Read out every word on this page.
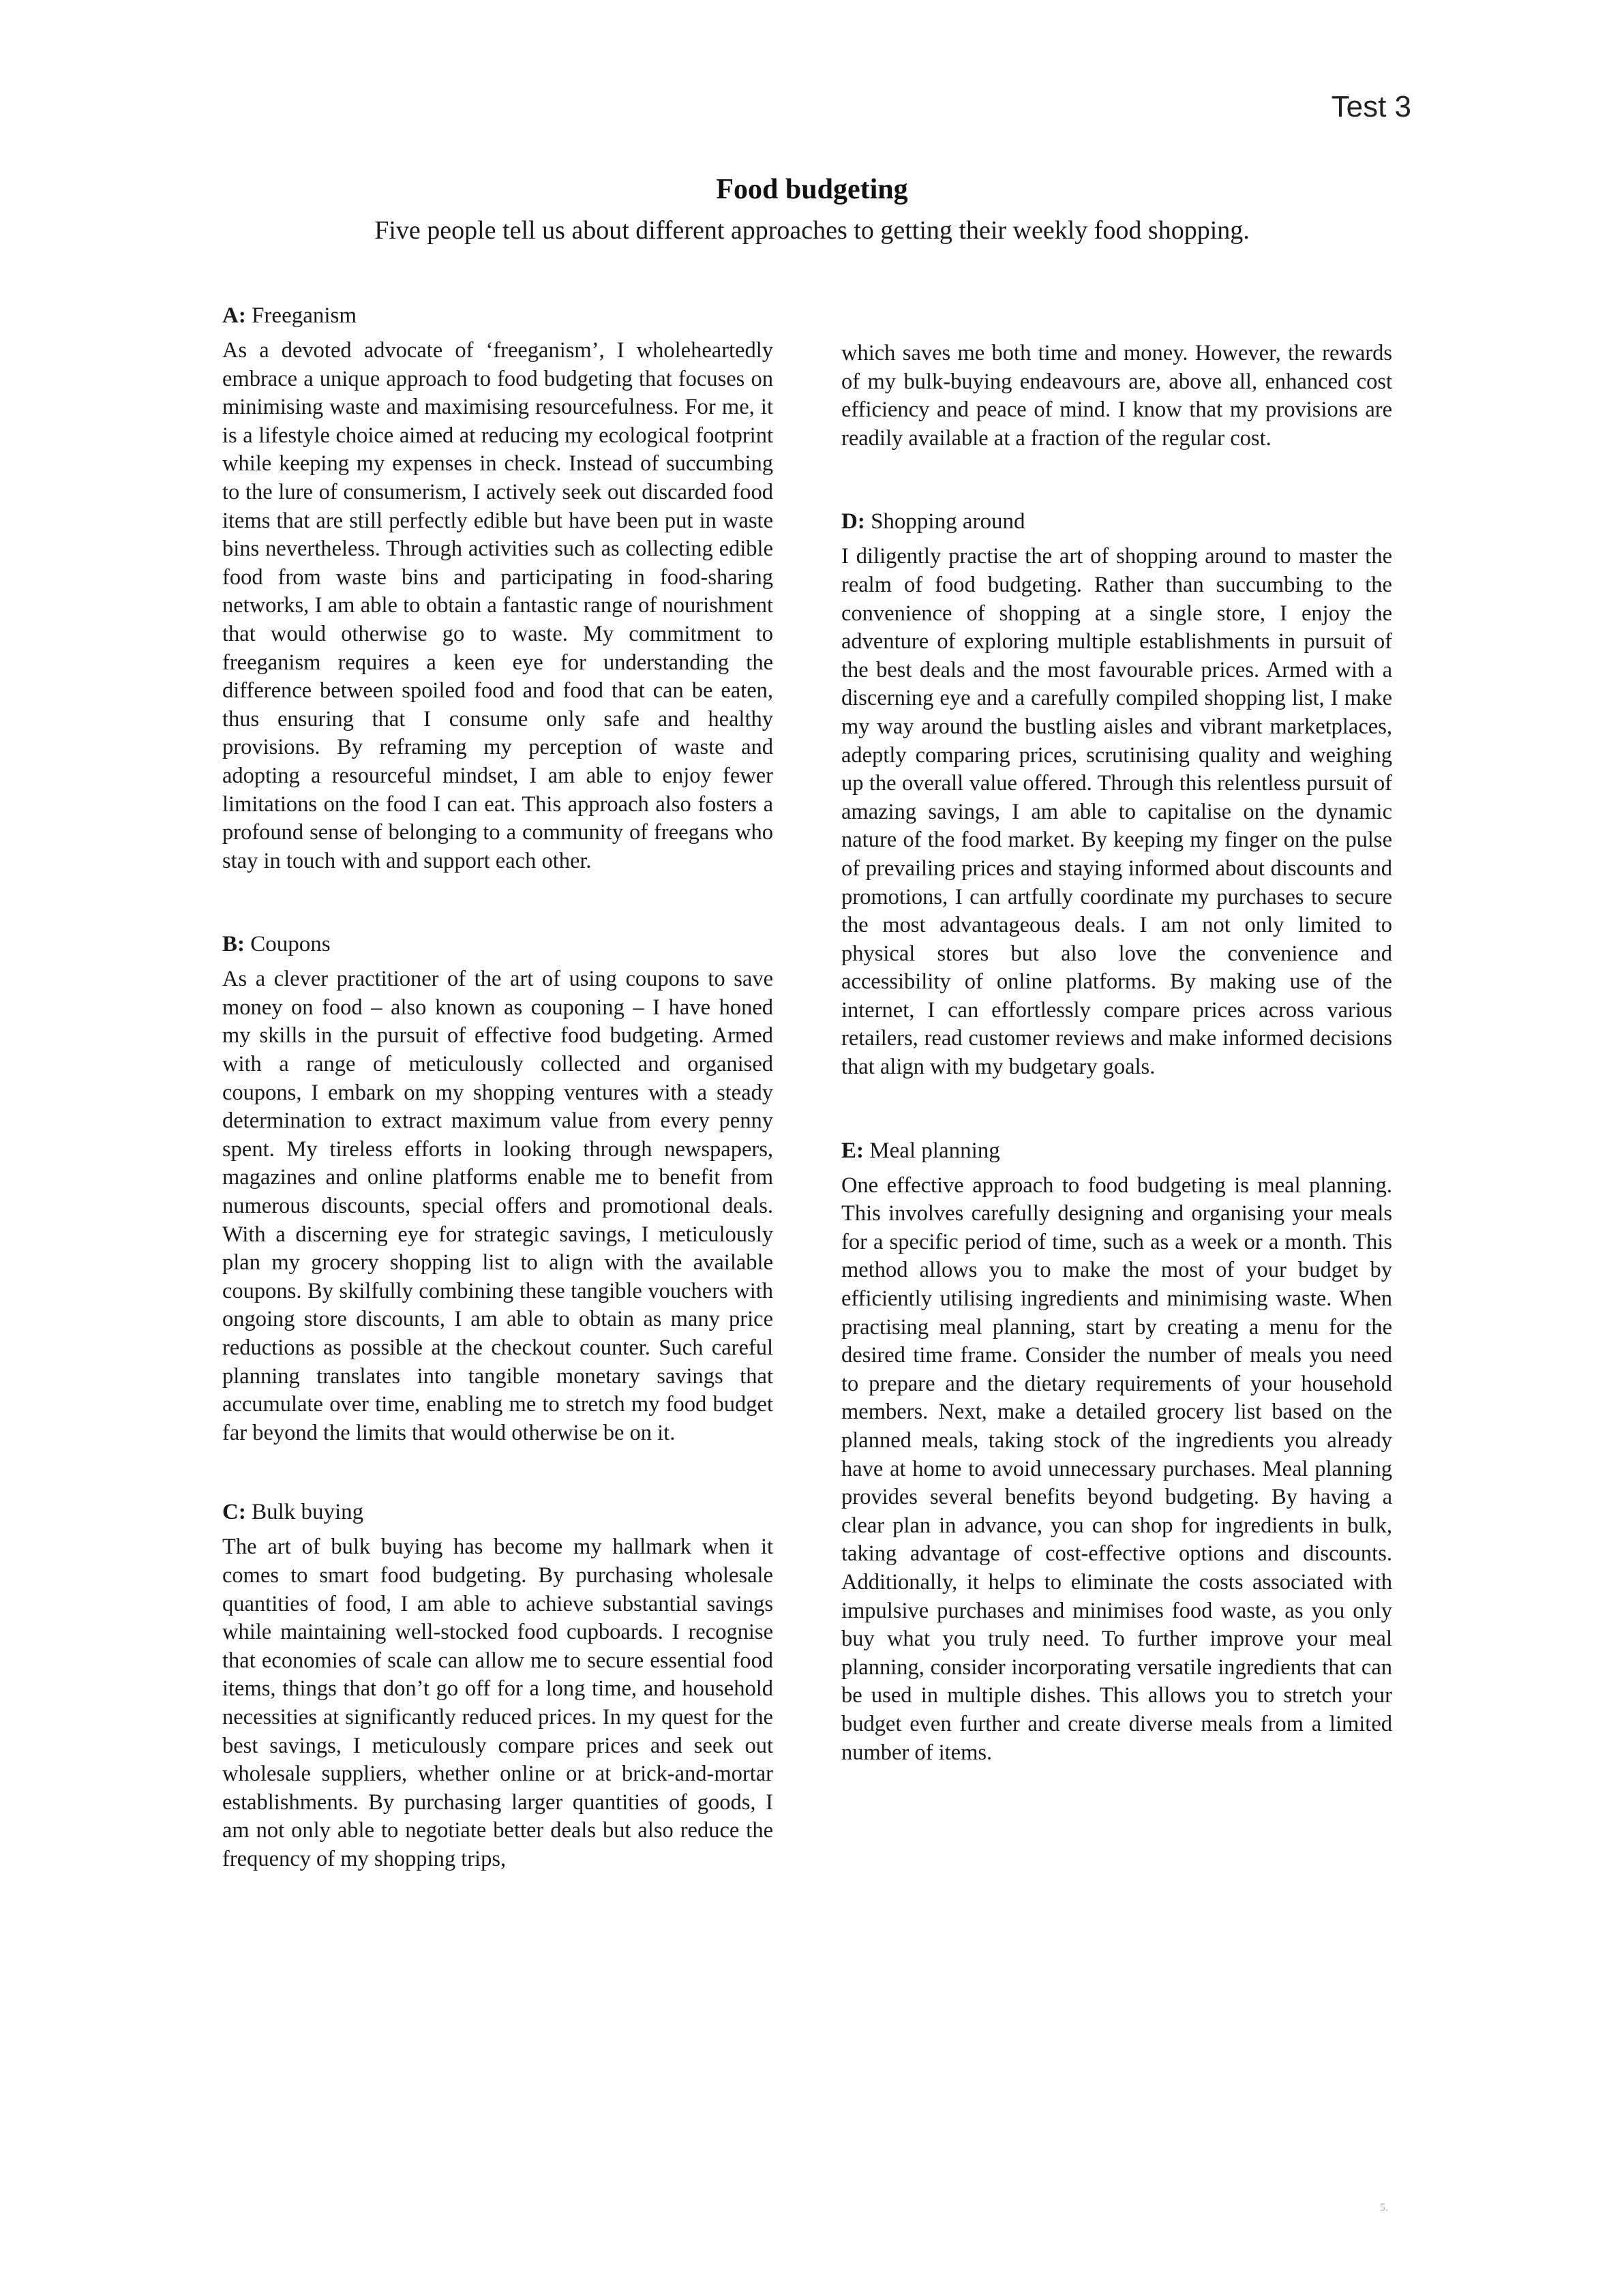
Test 3

Food budgeting

Five people tell us about different approaches to getting their weekly food shopping.

A: Freeganism

As a devoted advocate of ‘freeganism’, I wholeheartedly embrace a unique approach to food budgeting that focuses on minimising waste and maximising resourcefulness. For me, it is a lifestyle choice aimed at reducing my ecological footprint while keeping my expenses in check. Instead of succumbing to the lure of consumerism, I actively seek out discarded food items that are still perfectly edible but have been put in waste bins nevertheless. Through activities such as collecting edible food from waste bins and participating in food-sharing networks, I am able to obtain a fantastic range of nourishment that would otherwise go to waste. My commitment to freeganism requires a keen eye for understanding the difference between spoiled food and food that can be eaten, thus ensuring that I consume only safe and healthy provisions. By reframing my perception of waste and adopting a resourceful mindset, I am able to enjoy fewer limitations on the food I can eat. This approach also fosters a profound sense of belonging to a community of freegans who stay in touch with and support each other.

B: Coupons

As a clever practitioner of the art of using coupons to save money on food – also known as couponing – I have honed my skills in the pursuit of effective food budgeting. Armed with a range of meticulously collected and organised coupons, I embark on my shopping ventures with a steady determination to extract maximum value from every penny spent. My tireless efforts in looking through newspapers, magazines and online platforms enable me to benefit from numerous discounts, special offers and promotional deals. With a discerning eye for strategic savings, I meticulously plan my grocery shopping list to align with the available coupons. By skilfully combining these tangible vouchers with ongoing store discounts, I am able to obtain as many price reductions as possible at the checkout counter. Such careful planning translates into tangible monetary savings that accumulate over time, enabling me to stretch my food budget far beyond the limits that would otherwise be on it.

C: Bulk buying

The art of bulk buying has become my hallmark when it comes to smart food budgeting. By purchasing wholesale quantities of food, I am able to achieve substantial savings while maintaining well-stocked food cupboards. I recognise that economies of scale can allow me to secure essential food items, things that don’t go off for a long time, and household necessities at significantly reduced prices. In my quest for the best savings, I meticulously compare prices and seek out wholesale suppliers, whether online or at brick-and-mortar establishments. By purchasing larger quantities of goods, I am not only able to negotiate better deals but also reduce the frequency of my shopping trips,

which saves me both time and money. However, the rewards of my bulk-buying endeavours are, above all, enhanced cost efficiency and peace of mind. I know that my provisions are readily available at a fraction of the regular cost.

D: Shopping around

I diligently practise the art of shopping around to master the realm of food budgeting. Rather than succumbing to the convenience of shopping at a single store, I enjoy the adventure of exploring multiple establishments in pursuit of the best deals and the most favourable prices. Armed with a discerning eye and a carefully compiled shopping list, I make my way around the bustling aisles and vibrant marketplaces, adeptly comparing prices, scrutinising quality and weighing up the overall value offered. Through this relentless pursuit of amazing savings, I am able to capitalise on the dynamic nature of the food market. By keeping my finger on the pulse of prevailing prices and staying informed about discounts and promotions, I can artfully coordinate my purchases to secure the most advantageous deals. I am not only limited to physical stores but also love the convenience and accessibility of online platforms. By making use of the internet, I can effortlessly compare prices across various retailers, read customer reviews and make informed decisions that align with my budgetary goals.

E: Meal planning

One effective approach to food budgeting is meal planning. This involves carefully designing and organising your meals for a specific period of time, such as a week or a month. This method allows you to make the most of your budget by efficiently utilising ingredients and minimising waste. When practising meal planning, start by creating a menu for the desired time frame. Consider the number of meals you need to prepare and the dietary requirements of your household members. Next, make a detailed grocery list based on the planned meals, taking stock of the ingredients you already have at home to avoid unnecessary purchases. Meal planning provides several benefits beyond budgeting. By having a clear plan in advance, you can shop for ingredients in bulk, taking advantage of cost-effective options and discounts. Additionally, it helps to eliminate the costs associated with impulsive purchases and minimises food waste, as you only buy what you truly need. To further improve your meal planning, consider incorporating versatile ingredients that can be used in multiple dishes. This allows you to stretch your budget even further and create diverse meals from a limited number of items.

5.
